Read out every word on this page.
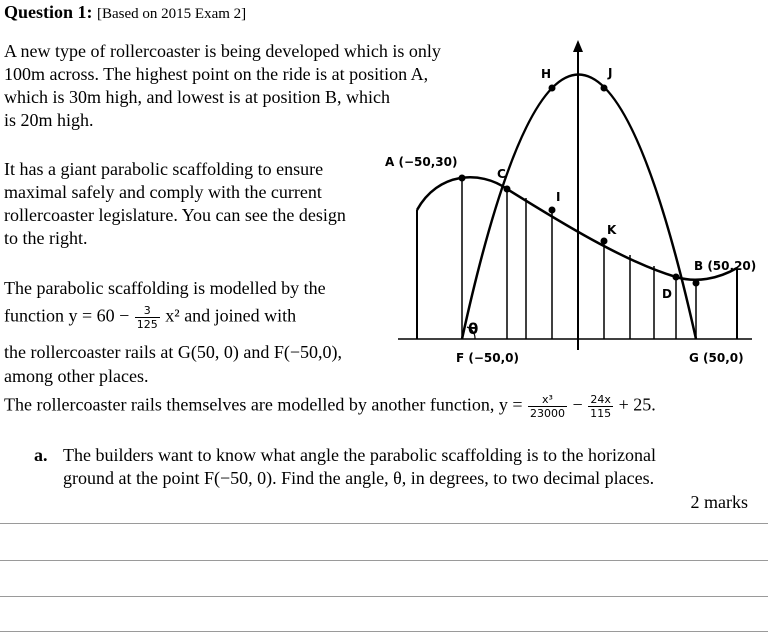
Question 1: [Based on 2015 Exam 2]
A new type of rollercoaster is being developed which is only
100m across. The highest point on the ride is at position A,
which is 30m high, and lowest is at position B, which
is 20m high.
It has a giant parabolic scaffolding to ensure
maximal safely and comply with the current
rollercoaster legislature. You can see the design
to the right.
The parabolic scaffolding is modelled by the
function $y = 60 - \frac{3}{125} x^2$ and joined with
the rollercoaster rails at G(50, 0) and F(−50,0),
among other places.
The rollercoaster rails themselves are modelled by another function, $y = \frac{\text{x³}}{23000} - \frac{24x}{115} + 25$.
a. The builders want to know what angle the parabolic scaffolding is to the horizonal
ground at the point F(−50, 0). Find the angle, θ, in degrees, to two decimal places.
2 marks
A (−50,30)
C
H	J
I
K
B (50,20)
D
F (−50,0)	G (50,0)
θ
